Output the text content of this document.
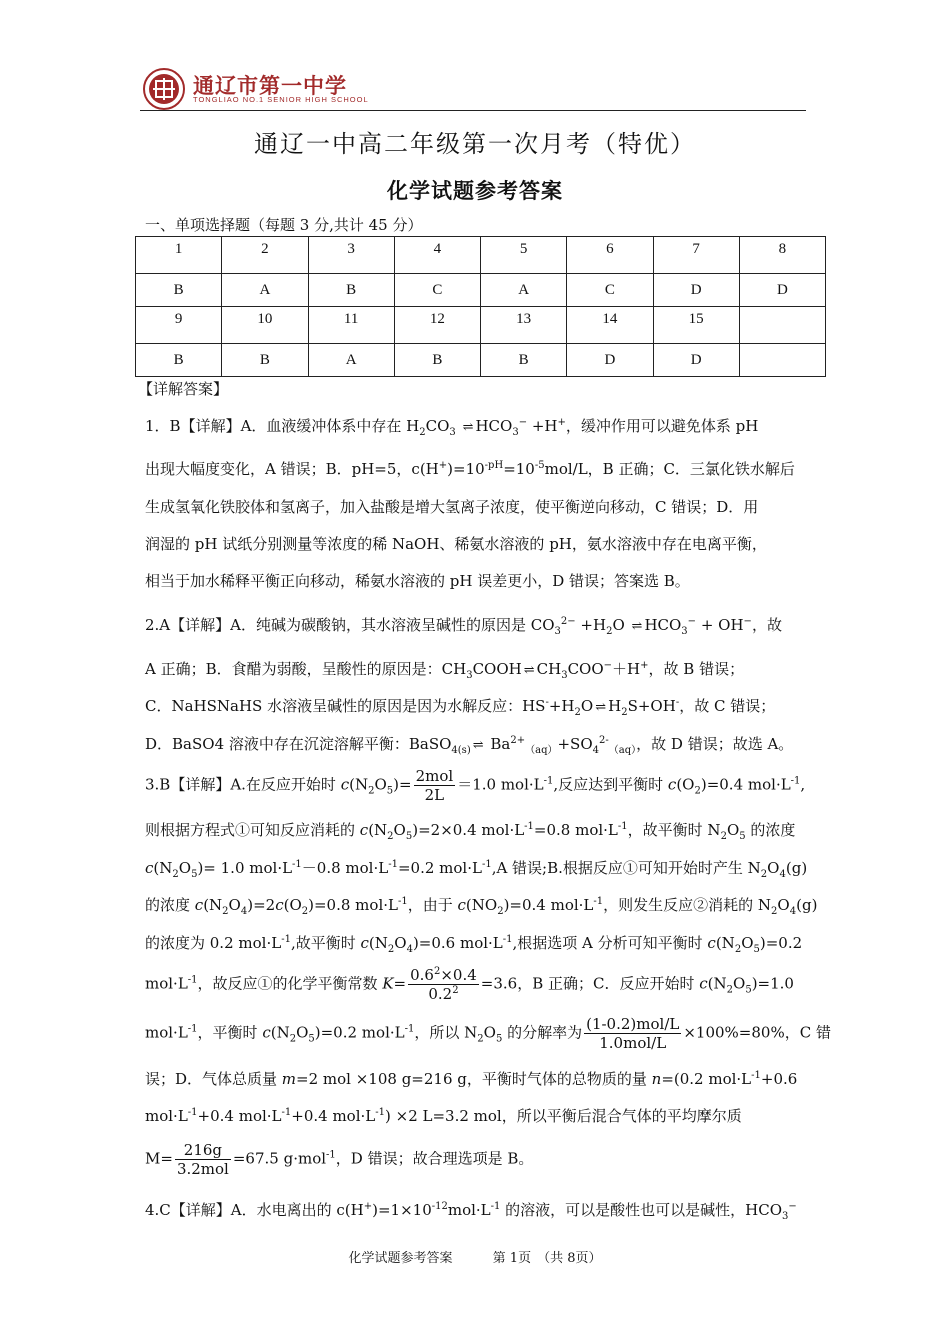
通辽市第一中学
TONGLIAO NO.1 SENIOR HIGH SCHOOL
通辽一中高二年级第一次月考（特优）
化学试题参考答案
一、单项选择题（每题 3 分,共计 45 分）
1	2	3	4	5	6	7	8
B	A	B	C	A	C	D	D
9	10	11	12	13	14	15	
B	B	A	B	B	D	D	
【详解答案】
1．B【详解】A．血液缓冲体系中存在 $H_2CO_3$ ⇌ $HCO_3^- +H^+$，缓冲作用可以避免体系 pH
出现大幅度变化，A 错误；B．pH=5，$c(H^+)=10^{-pH}=10^{-5}mol/L$，B 正确；C．三氯化铁水解后
生成氢氧化铁胶体和氢离子，加入盐酸是增大氢离子浓度，使平衡逆向移动，C 错误；D．用
润湿的 pH 试纸分别测量等浓度的稀 NaOH、稀氨水溶液的 pH，氨水溶液中存在电离平衡，
相当于加水稀释平衡正向移动，稀氨水溶液的 pH 误差更小，D 错误；答案选 B。
2.A【详解】A．纯碱为碳酸钠，其水溶液呈碱性的原因是 $CO_3^{2-} +H_2O$ ⇌ $HCO_3^- + OH^-$，故
A 正确；B．食醋为弱酸，呈酸性的原因是：$CH_3COOH$ ⇌ $CH_3COO^-+H^+$，故 B 错误；
C．NaHSNaHS 水溶液呈碱性的原因是因为水解反应：$HS^-+H_2O$ ⇌ $H_2S+OH^-$，故 C 错误；
D．BaSO4 溶液中存在沉淀溶解平衡：BaSO$_{4(s)}$ ⇌ $Ba^{2+}_{(aq)}+SO_4^{2-}_{(aq)}$，故 D 错误；故选 A。
3.B【详解】A.在反应开始时 $c(N_2O_5)= \frac{\text{2mol}}{2L} =1.0$ $mol\cdot L^{-1}$,反应达到平衡时 $c(O_2)=0.4$ $mol\cdot L^{-1}$,
则根据方程式①可知反应消耗的 $c(N_2O_5)=2\times 0.4$ $mol\cdot L^{-1}=0.8$ $mol\cdot L^{-1}$，故平衡时 $N_2O_5$ 的浓度
$c(N_2O_5)= 1.0$ $mol\cdot L^{-1}-0.8$ $mol\cdot L^{-1}=0.2$ $mol\cdot L^{-1},A$ 错误;B.根据反应①可知开始时产生 $N_2O_4(g)$
的浓度 $c(N_2O_4)=2c(O_2)=0.8$ $mol\cdot L^{-1}$，由于 $c(NO_2)=0.4$ $mol\cdot L^{-1}$，则发生反应②消耗的 $N_2O_4(g)$
的浓度为 0.2 $mol\cdot L^{-1}$,故平衡时 $c(N_2O_4)=0.6$ $mol\cdot L^{-1}$,根据选项 A 分析可知平衡时 $c(N_2O_5)=0.2$
$mol\cdot L^{-1}$，故反应①的化学平衡常数 $K= \frac{0.6^2\times 0.4}{0.2^2} =3.6$，B 正确；C．反应开始时 $c(N_2O_5)=1.0$
$mol\cdot L^{-1}$，平衡时 $c(N_2O_5)=0.2$ $mol\cdot L^{-1}$，所以 $N_2O_5$ 的分解率为 $\frac{\text{(1-0.2)mol/L}}{\text{1.0mol/L}} \times 100\%=80\%$，C 错
误；D．气体总质量 m=2 mol ×108 g=216 g，平衡时气体的总物质的量 n=(0.2 $mol\cdot L^{-1}+0.6$
$mol\cdot L^{-1}+0.4$ $mol\cdot L^{-1}+0.4$ $mol\cdot L^{-1}) \times 2$ L=3.2 mol，所以平衡后混合气体的平均摩尔质
$M= \frac{216g}{\text{3.2mol}} =67.5$ g·mol$^{-1}$，D 错误；故合理选项是 B。
4.C【详解】A．水电离出的 $c(H^+)=1\times 10^{-12}mol\cdot L^{-1}$ 的溶液，可以是酸性也可以是碱性，$HCO_3^-$
化学试题参考答案	第 1页 （共 8页）
